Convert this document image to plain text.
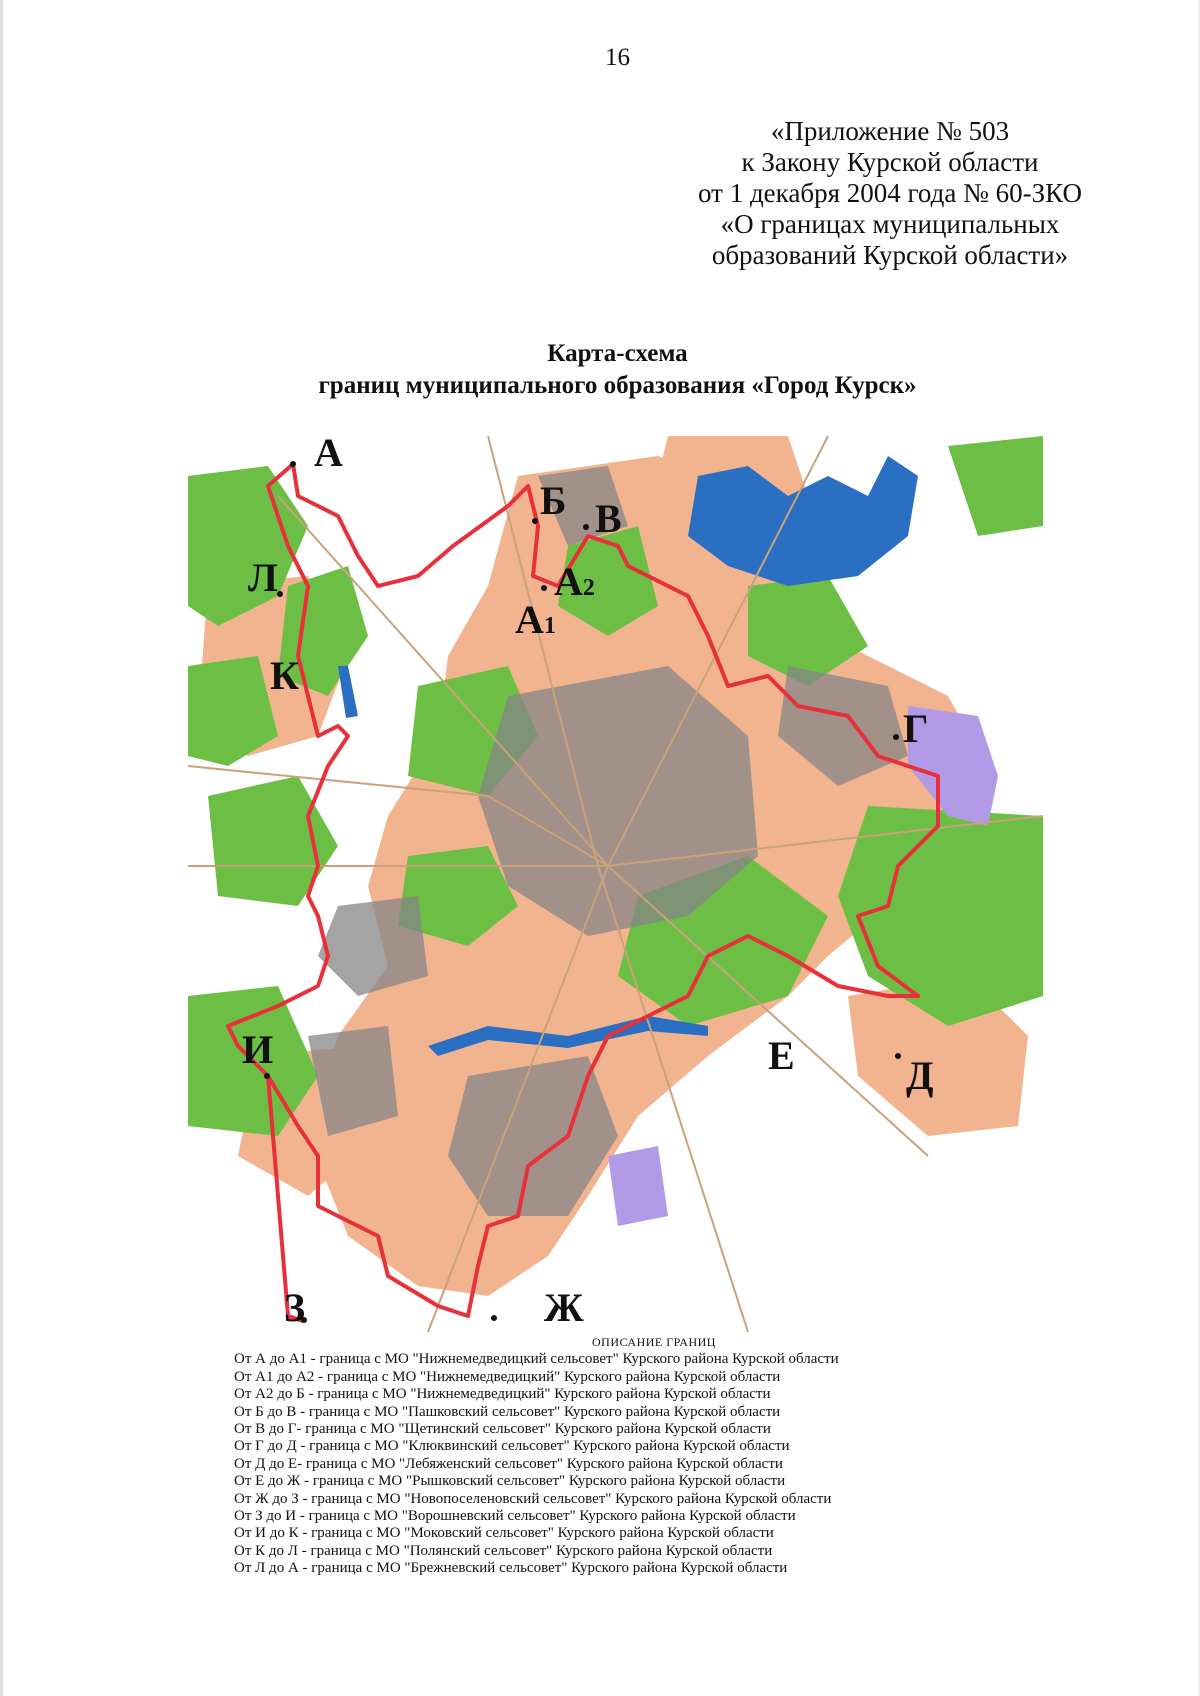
16
«Приложение № 503
к Закону Курской области
от 1 декабря 2004 года № 60-ЗКО
«О границах муниципальных
образований Курской области»
Карта-схема
границ муниципального образования «Город Курск»
А
Б В
А2
А1
Л
К
Г
Д
Е
И
З	Ж
ОПИСАНИЕ ГРАНИЦ
От А до А1 - граница с МО "Нижнемедведицкий сельсовет" Курского района Курской области
От А1 до А2 - граница с МО "Нижнемедведицкий" Курского района Курской области
От А2 до Б - граница с МО "Нижнемедведицкий" Курского района Курской области
От Б до В - граница с МО "Пашковский сельсовет" Курского района Курской области
От В до Г- граница с МО "Щетинский сельсовет" Курского района Курской области
От Г до Д - граница с МО "Клюквинский сельсовет" Курского района Курской области
От Д до Е- граница с МО "Лебяженский сельсовет" Курского района Курской области
От Е до Ж - граница с МО "Рышковский сельсовет" Курского района Курской области
От Ж до З - граница с МО "Новопоселеновский сельсовет" Курского района Курской области
От З до И - граница с МО "Ворошневский сельсовет" Курского района Курской области
От И до К - граница с МО "Моковский сельсовет" Курского района Курской области
От К до Л - граница с МО "Полянский сельсовет" Курского района Курской области
От Л до А - граница с МО "Брежневский сельсовет" Курского района Курской области
